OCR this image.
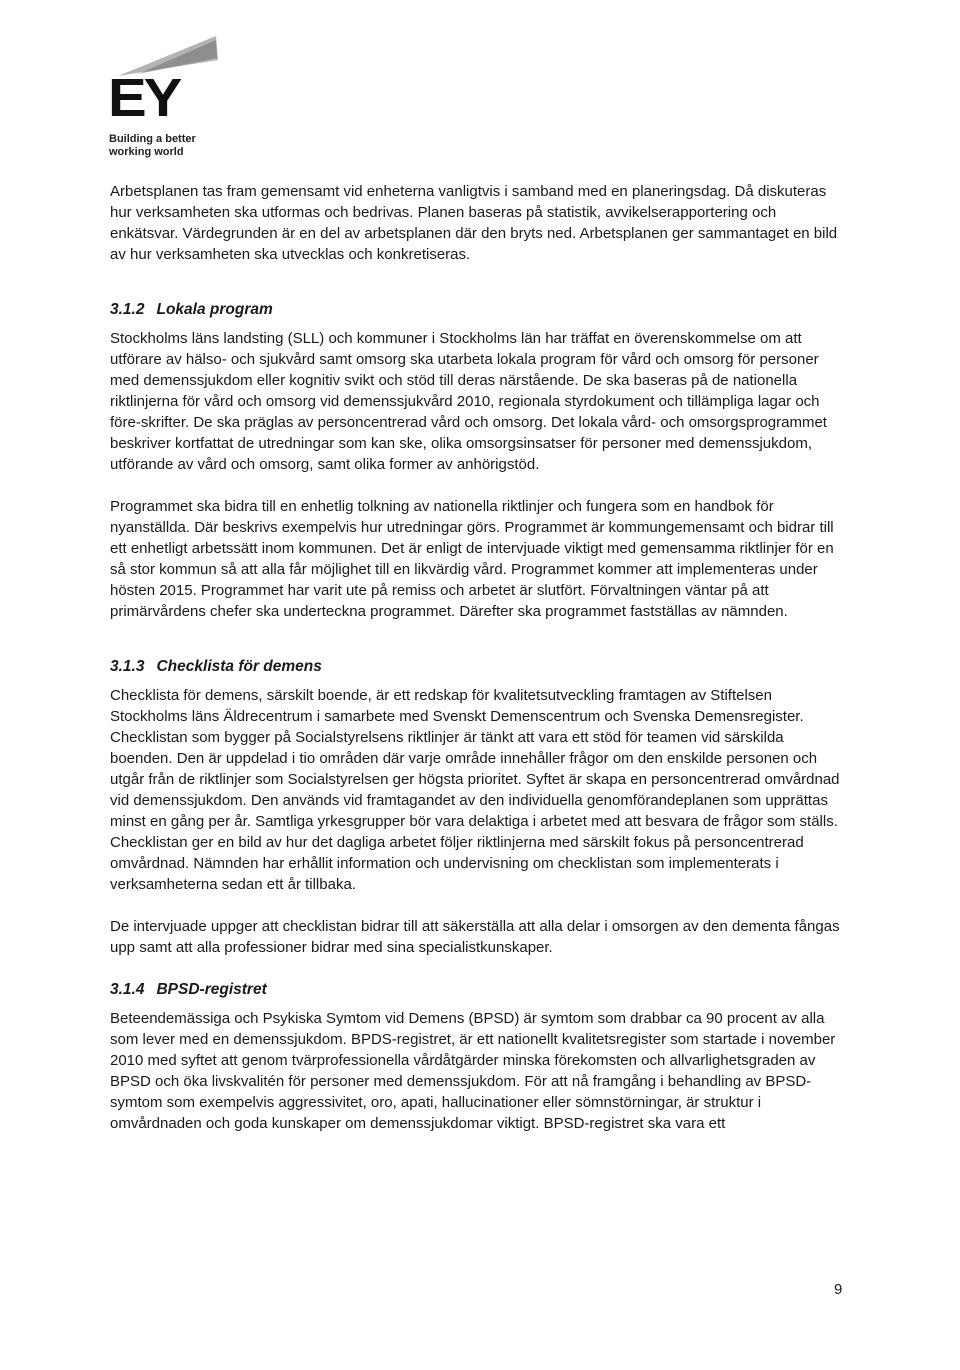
EY
Building a better
working world

Arbetsplanen tas fram gemensamt vid enheterna vanligtvis i samband med en planeringsdag. Då diskuteras hur verksamheten ska utformas och bedrivas. Planen baseras på statistik, avvikelserapportering och enkätsvar. Värdegrunden är en del av arbetsplanen där den bryts ned. Arbetsplanen ger sammantaget en bild av hur verksamheten ska utvecklas och konkretiseras.

3.1.2 Lokala program

Stockholms läns landsting (SLL) och kommuner i Stockholms län har träffat en överenskommelse om att utförare av hälso- och sjukvård samt omsorg ska utarbeta lokala program för vård och omsorg för personer med demenssjukdom eller kognitiv svikt och stöd till deras närstående. De ska baseras på de nationella riktlinjerna för vård och omsorg vid demenssjukvård 2010, regionala styrdokument och tillämpliga lagar och före-skrifter. De ska präglas av personcentrerad vård och omsorg. Det lokala vård- och omsorgsprogrammet beskriver kortfattat de utredningar som kan ske, olika omsorgsinsatser för personer med demenssjukdom, utförande av vård och omsorg, samt olika former av anhörigstöd.

Programmet ska bidra till en enhetlig tolkning av nationella riktlinjer och fungera som en handbok för nyanställda. Där beskrivs exempelvis hur utredningar görs. Programmet är kommungemensamt och bidrar till ett enhetligt arbetssätt inom kommunen. Det är enligt de intervjuade viktigt med gemensamma riktlinjer för en så stor kommun så att alla får möjlighet till en likvärdig vård. Programmet kommer att implementeras under hösten 2015. Programmet har varit ute på remiss och arbetet är slutfört. Förvaltningen väntar på att primärvårdens chefer ska underteckna programmet. Därefter ska programmet fastställas av nämnden.

3.1.3 Checklista för demens

Checklista för demens, särskilt boende, är ett redskap för kvalitetsutveckling framtagen av Stiftelsen Stockholms läns Äldrecentrum i samarbete med Svenskt Demenscentrum och Svenska Demensregister. Checklistan som bygger på Socialstyrelsens riktlinjer är tänkt att vara ett stöd för teamen vid särskilda boenden. Den är uppdelad i tio områden där varje område innehåller frågor om den enskilde personen och utgår från de riktlinjer som Socialstyrelsen ger högsta prioritet. Syftet är skapa en personcentrerad omvårdnad vid demenssjukdom. Den används vid framtagandet av den individuella genomförandeplanen som upprättas minst en gång per år. Samtliga yrkesgrupper bör vara delaktiga i arbetet med att besvara de frågor som ställs. Checklistan ger en bild av hur det dagliga arbetet följer riktlinjerna med särskilt fokus på personcentrerad omvårdnad. Nämnden har erhållit information och undervisning om checklistan som implementerats i verksamheterna sedan ett år tillbaka.

De intervjuade uppger att checklistan bidrar till att säkerställa att alla delar i omsorgen av den dementa fångas upp samt att alla professioner bidrar med sina specialistkunskaper.

3.1.4 BPSD-registret

Beteendemässiga och Psykiska Symtom vid Demens (BPSD) är symtom som drabbar ca 90 procent av alla som lever med en demenssjukdom. BPDS-registret, är ett nationellt kvalitetsregister som startade i november 2010 med syftet att genom tvärprofessionella vårdåtgärder minska förekomsten och allvarlighetsgraden av BPSD och öka livskvalitén för personer med demenssjukdom. För att nå framgång i behandling av BPSD-symtom som exempelvis aggressivitet, oro, apati, hallucinationer eller sömnstörningar, är struktur i omvårdnaden och goda kunskaper om demenssjukdomar viktigt. BPSD-registret ska vara ett

9
